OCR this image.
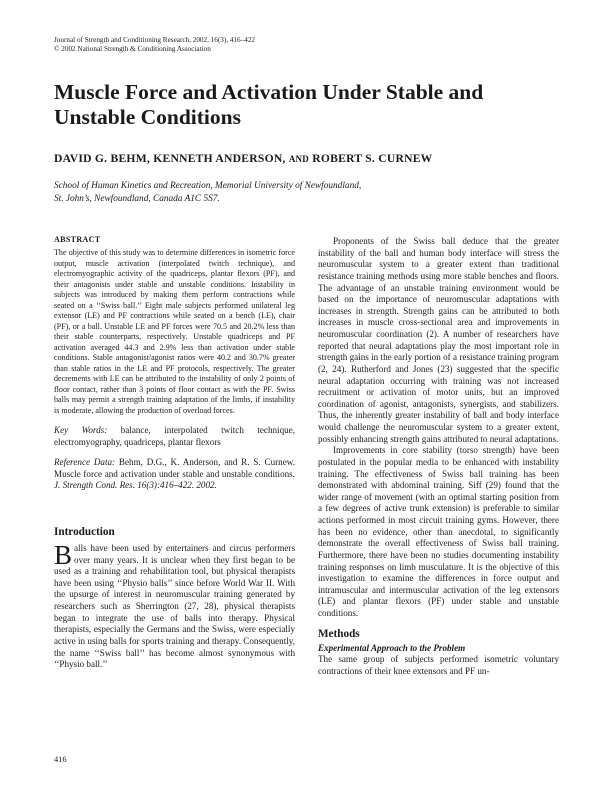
Journal of Strength and Conditioning Research, 2002, 16(3), 416–422
© 2002 National Strength & Conditioning Association
Muscle Force and Activation Under Stable and Unstable Conditions
DAVID G. BEHM, KENNETH ANDERSON, AND ROBERT S. CURNEW
School of Human Kinetics and Recreation, Memorial University of Newfoundland,
St. John’s, Newfoundland, Canada A1C 5S7.
ABSTRACT

The objective of this study was to determine differences in isometric force output, muscle activation (interpolated twitch technique), and electromyographic activity of the quadriceps, plantar flexors (PF), and their antagonists under stable and unstable conditions. Instability in subjects was introduced by making them perform contractions while seated on a ‘‘Swiss ball.’’ Eight male subjects performed unilateral leg extensor (LE) and PF contractions while seated on a bench (LE), chair (PF), or a ball. Unstable LE and PF forces were 70.5 and 20.2% less than their stable counterparts, respectively. Unstable quadriceps and PF activation averaged 44.3 and 2.9% less than activation under stable conditions. Stable antagonist/agonist ratios were 40.2 and 30.7% greater than stable ratios in the LE and PF protocols, respectively. The greater decrements with LE can be attributed to the instability of only 2 points of floor contact, rather than 3 points of floor contact as with the PF. Swiss balls may permit a strength training adaptation of the limbs, if instability is moderate, allowing the production of overload forces.

Key Words: balance, interpolated twitch technique, electromyography, quadriceps, plantar flexors
Reference Data: Behm, D.G., K. Anderson, and R. S. Curnew. Muscle force and activation under stable and unstable conditions. J. Strength Cond. Res. 16(3):416–422. 2002.
Introduction

Balls have been used by entertainers and circus performers over many years. It is unclear when they first began to be used as a training and rehabilitation tool, but physical therapists have been using ‘‘Physio balls’’ since before World War II. With the upsurge of interest in neuromuscular training generated by researchers such as Sherrington (27, 28), physical therapists began to integrate the use of balls into therapy. Physical therapists, especially the Germans and the Swiss, were especially active in using balls for sports training and therapy. Consequently, the name ‘‘Swiss ball’’ has become almost synonymous with ‘‘Physio ball.’’

Proponents of the Swiss ball deduce that the greater instability of the ball and human body interface will stress the neuromuscular system to a greater extent than traditional resistance training methods using more stable benches and floors. The advantage of an unstable training environment would be based on the importance of neuromuscular adaptations with increases in strength. Strength gains can be attributed to both increases in muscle cross-sectional area and improvements in neuromuscular coordination (2). A number of researchers have reported that neural adaptations play the most important role in strength gains in the early portion of a resistance training program (2, 24). Rutherford and Jones (23) suggested that the specific neural adaptation occurring with training was not increased recruitment or activation of motor units, but an improved coordination of agonist, antagonists, synergists, and stabilizers. Thus, the inherently greater instability of ball and body interface would challenge the neuromuscular system to a greater extent, possibly enhancing strength gains attributed to neural adaptations.

Improvements in core stability (torso strength) have been postulated in the popular media to be enhanced with instability training. The effectiveness of Swiss ball training has been demonstrated with abdominal training. Siff (29) found that the wider range of movement (with an optimal starting position from a few degrees of active trunk extension) is preferable to similar actions performed in most circuit training gyms. However, there has been no evidence, other than anecdotal, to significantly demonstrate the overall effectiveness of Swiss ball training. Furthermore, there have been no studies documenting instability training responses on limb musculature. It is the objective of this investigation to examine the differences in force output and intramuscular and intermuscular activation of the leg extensors (LE) and plantar flexors (PF) under stable and unstable conditions.

Methods
Experimental Approach to the Problem

The same group of subjects performed isometric voluntary contractions of their knee extensors and PF un-

416
